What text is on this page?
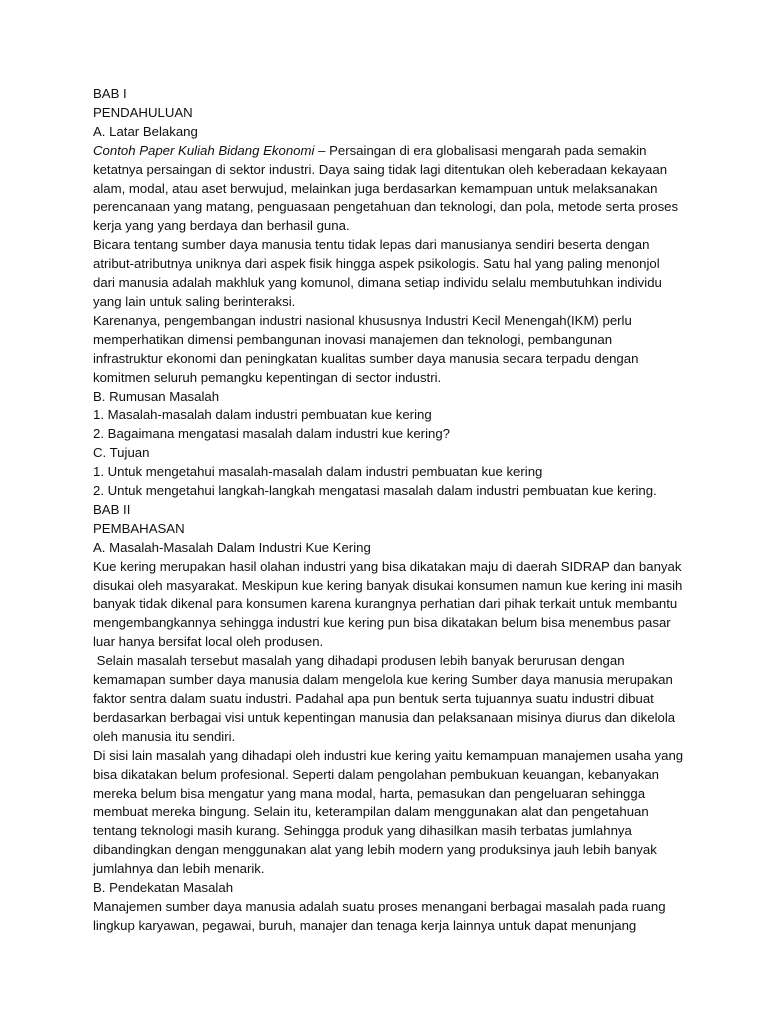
BAB I
PENDAHULUAN
A. Latar Belakang
Contoh Paper Kuliah Bidang Ekonomi – Persaingan di era globalisasi mengarah pada semakin
ketatnya persaingan di sektor industri. Daya saing tidak lagi ditentukan oleh keberadaan kekayaan
alam, modal, atau aset berwujud, melainkan juga berdasarkan kemampuan untuk melaksanakan
perencanaan yang matang, penguasaan pengetahuan dan teknologi, dan pola, metode serta proses
kerja yang yang berdaya dan berhasil guna.
Bicara tentang sumber daya manusia tentu tidak lepas dari manusianya sendiri beserta dengan
atribut-atributnya uniknya dari aspek fisik hingga aspek psikologis. Satu hal yang paling menonjol
dari manusia adalah makhluk yang komunol, dimana setiap individu selalu membutuhkan individu
yang lain untuk saling berinteraksi.
Karenanya, pengembangan industri nasional khususnya Industri Kecil Menengah(IKM) perlu
memperhatikan dimensi pembangunan inovasi manajemen dan teknologi, pembangunan
infrastruktur ekonomi dan peningkatan kualitas sumber daya manusia secara terpadu dengan
komitmen seluruh pemangku kepentingan di sector industri.
B. Rumusan Masalah
1. Masalah-masalah dalam industri pembuatan kue kering
2. Bagaimana mengatasi masalah dalam industri kue kering?
C. Tujuan
1. Untuk mengetahui masalah-masalah dalam industri pembuatan kue kering
2. Untuk mengetahui langkah-langkah mengatasi masalah dalam industri pembuatan kue kering.
BAB II
PEMBAHASAN
A. Masalah-Masalah Dalam Industri Kue Kering
Kue kering merupakan hasil olahan industri yang bisa dikatakan maju di daerah SIDRAP dan banyak
disukai oleh masyarakat. Meskipun kue kering banyak disukai konsumen namun kue kering ini masih
banyak tidak dikenal para konsumen karena kurangnya perhatian dari pihak terkait untuk membantu
mengembangkannya sehingga industri kue kering pun bisa dikatakan belum bisa menembus pasar
luar hanya bersifat local oleh produsen.
Selain masalah tersebut masalah yang dihadapi produsen lebih banyak berurusan dengan
kemamapan sumber daya manusia dalam mengelola kue kering Sumber daya manusia merupakan
faktor sentra dalam suatu industri. Padahal apa pun bentuk serta tujuannya suatu industri dibuat
berdasarkan berbagai visi untuk kepentingan manusia dan pelaksanaan misinya diurus dan dikelola
oleh manusia itu sendiri.
Di sisi lain masalah yang dihadapi oleh industri kue kering yaitu kemampuan manajemen usaha yang
bisa dikatakan belum profesional. Seperti dalam pengolahan pembukuan keuangan, kebanyakan
mereka belum bisa mengatur yang mana modal, harta, pemasukan dan pengeluaran sehingga
membuat mereka bingung. Selain itu, keterampilan dalam menggunakan alat dan pengetahuan
tentang teknologi masih kurang. Sehingga produk yang dihasilkan masih terbatas jumlahnya
dibandingkan dengan menggunakan alat yang lebih modern yang produksinya jauh lebih banyak
jumlahnya dan lebih menarik.
B. Pendekatan Masalah
Manajemen sumber daya manusia adalah suatu proses menangani berbagai masalah pada ruang
lingkup karyawan, pegawai, buruh, manajer dan tenaga kerja lainnya untuk dapat menunjang
